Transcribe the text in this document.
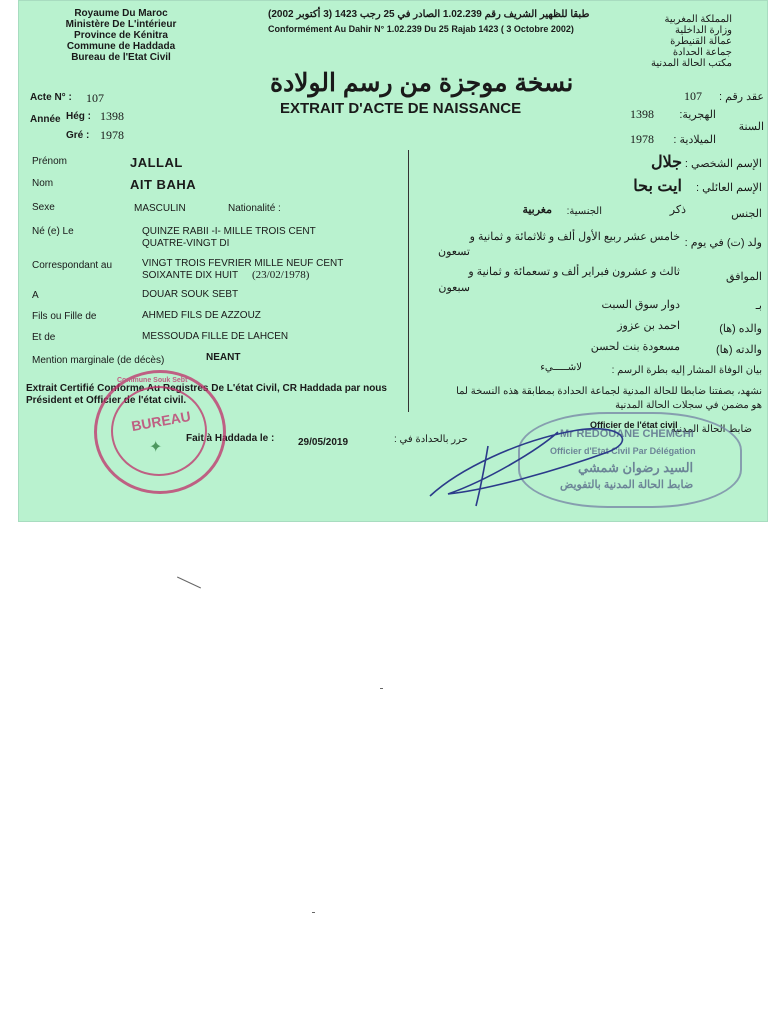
Royaume Du Maroc
Ministère De L'intérieur
Province de Kénitra
Commune de Haddada
Bureau de l'Etat Civil
طبقا للظهير الشريف رقم 1.02.239 الصادر في 25 رجب 1423 (3 أكتوبر 2002)
Conformément Au Dahir N° 1.02.239 Du 25 Rajab 1423 ( 3 Octobre 2002)
المملكة المغربية
وزارة الداخلية
عمالة القنيطرة
جماعة الحدادة
مكتب الحالة المدنية
نسخة موجزة من رسم الولادة
EXTRAIT D'ACTE DE NAISSANCE
Acte N° : 107
Année Hég : 1398
Gré : 1978
عقد رقم :
107
السنة
الهجرية:
1398
الميلادية :
1978
Prénom	JALLAL
Nom	AIT BAHA
Sexe	MASCULIN	Nationalité :
Né (e) Le	QUINZE RABII -I- MILLE TROIS CENT
QUATRE-VINGT DI
Correspondant au	VINGT TROIS FEVRIER MILLE NEUF CENT
SOIXANTE DIX HUIT (23/02/1978)
A	DOUAR SOUK SEBT
Fils ou Fille de	AHMED FILS DE AZZOUZ
Et de	MESSOUDA FILLE DE LAHCEN
Mention marginale (de décès)	NEANT
الإسم الشخصي :
جلال
الإسم العائلي :
ايت بحا
الجنس
ذكر
الجنسية:
مغربية
ولد (ت) في يوم :
خامس عشر ربيع الأول ألف و ثلاثمائة و ثمانية و
تسعون
الموافق
ثالث و عشرون فبراير ألف و تسعمائة و ثمانية و
سبعون
بـ
دوار سوق السبت
والده (ها)
احمد بن عزوز
والدته (ها)
مسعودة بنت لحسن
بيان الوفاة المشار إليه بطرة الرسم :
لاشـــــيء
Extrait Certifié Conforme Au Registres De L'état Civil, CR Haddada par nous Président et Officier de l'état civil.
نشهد، بصفتنا ضابطا للحالة المدنية لجماعة الحدادة بمطابقة هذه النسخة لما
هو مضمن في سجلات الحالة المدنية
Fait à Haddada le : 29/05/2019	حرر بالحدادة في :
ضابط الحالة المدنية
Officier de l'état civil
Commune Souk Sebt
BUREAU
✦
Mr REDOUANE CHEMCHI
Officier d'Etat Civil Par Délégation
السيد رضوان شمشي
ضابط الحالة المدنية بالتفويض
